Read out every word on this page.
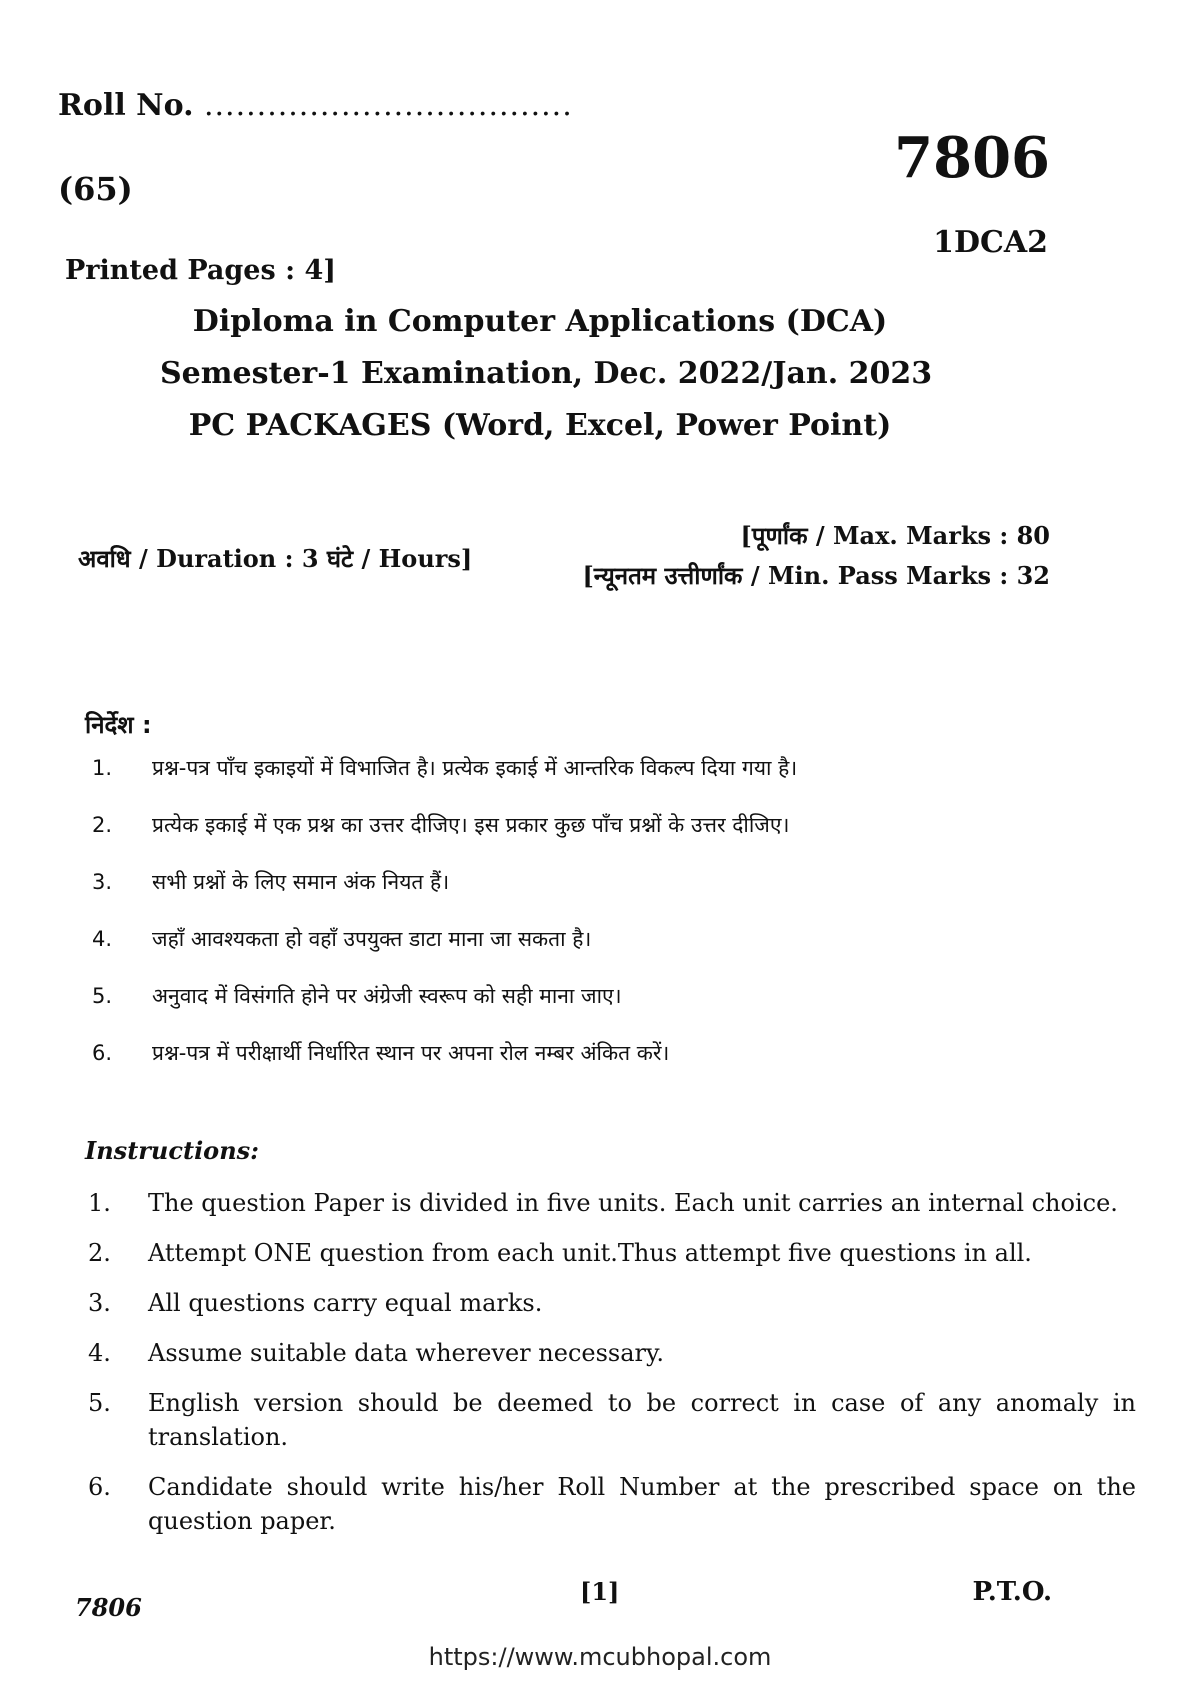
Roll No. ...................................
(65)	7806
1DCA2
Printed Pages : 4]
Diploma in Computer Applications (DCA)
Semester-1 Examination, Dec. 2022/Jan. 2023
PC PACKAGES (Word, Excel, Power Point)
अवधि / Duration : 3 घंटे / Hours]
[पूर्णांक / Max. Marks : 80
[न्यूनतम उत्तीर्णांक / Min. Pass Marks : 32
निर्देश :
1. प्रश्न-पत्र पाँच इकाइयों में विभाजित है। प्रत्येक इकाई में आन्तरिक विकल्प दिया गया है।
2. प्रत्येक इकाई में एक प्रश्न का उत्तर दीजिए। इस प्रकार कुछ पाँच प्रश्नों के उत्तर दीजिए।
3. सभी प्रश्नों के लिए समान अंक नियत हैं।
4. जहाँ आवश्यकता हो वहाँ उपयुक्त डाटा माना जा सकता है।
5. अनुवाद में विसंगति होने पर अंग्रेजी स्वरूप को सही माना जाए।
6. प्रश्न-पत्र में परीक्षार्थी निर्धारित स्थान पर अपना रोल नम्बर अंकित करें।
Instructions:
1. The question Paper is divided in five units. Each unit carries an internal choice.
2. Attempt ONE question from each unit.Thus attempt five questions in all.
3. All questions carry equal marks.
4. Assume suitable data wherever necessary.
5. English version should be deemed to be correct in case of any anomaly in translation.
6. Candidate should write his/her Roll Number at the prescribed space on the question paper.
[1]
7806
P.T.O.
https://www.mcubhopal.com
